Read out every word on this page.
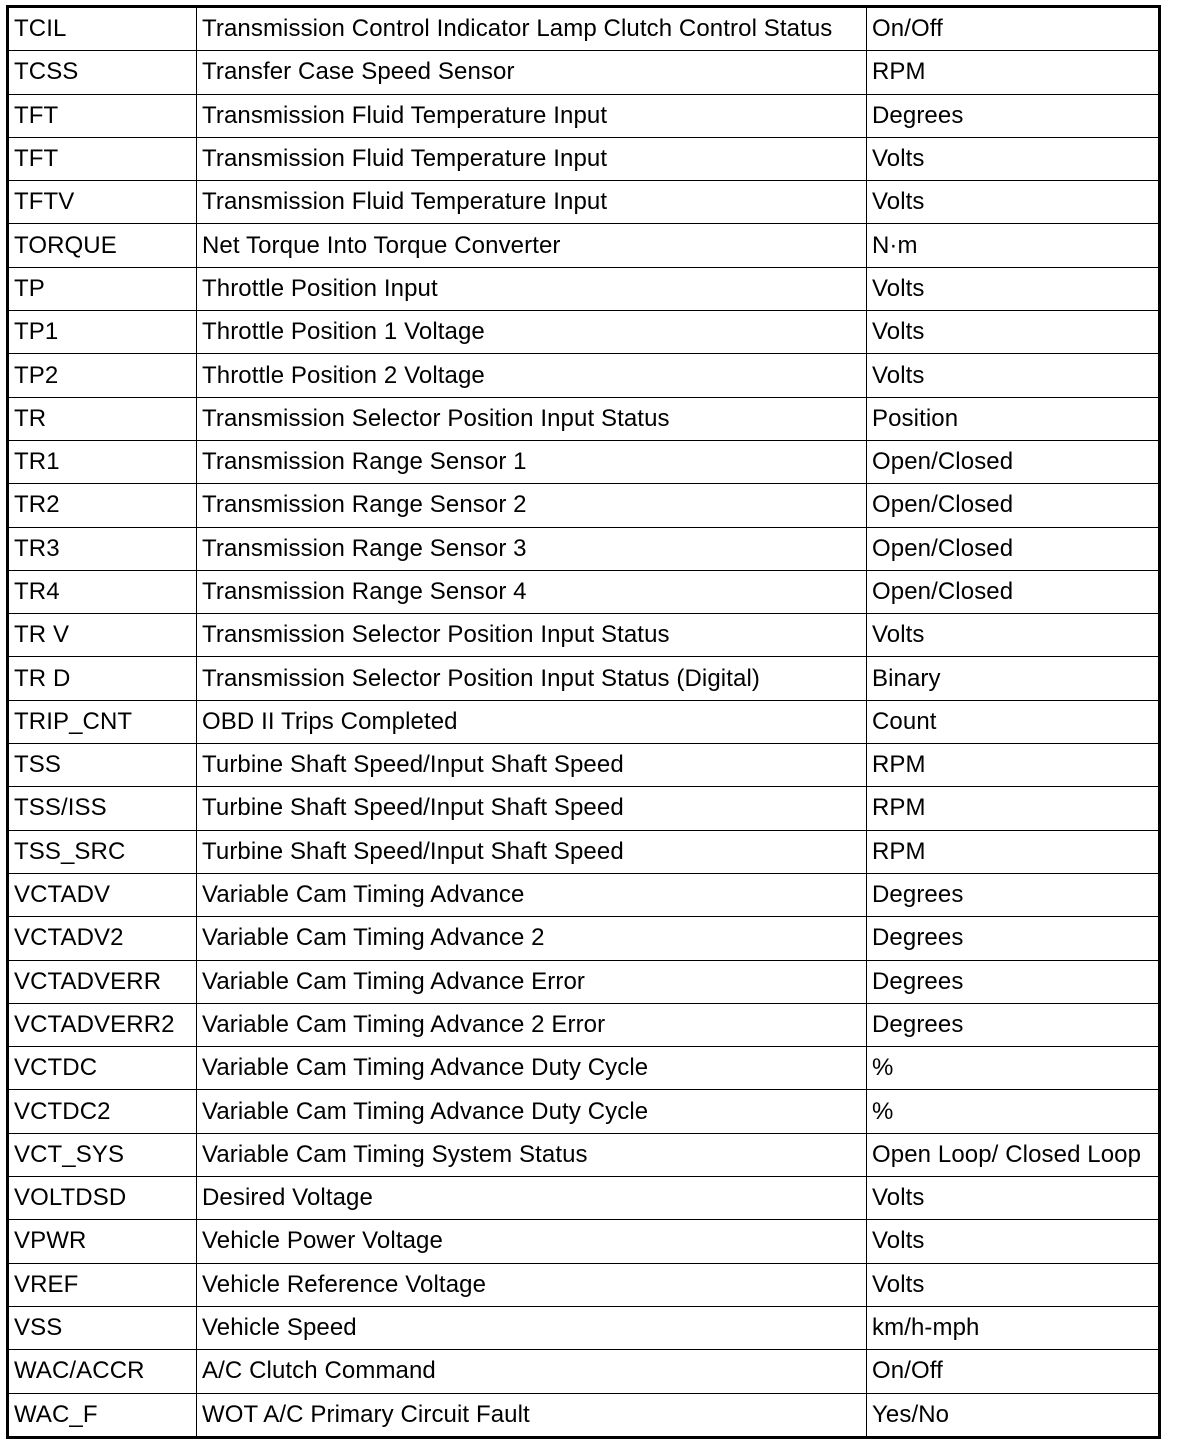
TCIL	Transmission Control Indicator Lamp Clutch Control Status	On/Off
TCSS	Transfer Case Speed Sensor	RPM
TFT	Transmission Fluid Temperature Input	Degrees
TFT	Transmission Fluid Temperature Input	Volts
TFTV	Transmission Fluid Temperature Input	Volts
TORQUE	Net Torque Into Torque Converter	N·m
TP	Throttle Position Input	Volts
TP1	Throttle Position 1 Voltage	Volts
TP2	Throttle Position 2 Voltage	Volts
TR	Transmission Selector Position Input Status	Position
TR1	Transmission Range Sensor 1	Open/Closed
TR2	Transmission Range Sensor 2	Open/Closed
TR3	Transmission Range Sensor 3	Open/Closed
TR4	Transmission Range Sensor 4	Open/Closed
TR V	Transmission Selector Position Input Status	Volts
TR D	Transmission Selector Position Input Status (Digital)	Binary
TRIP_CNT	OBD II Trips Completed	Count
TSS	Turbine Shaft Speed/Input Shaft Speed	RPM
TSS/ISS	Turbine Shaft Speed/Input Shaft Speed	RPM
TSS_SRC	Turbine Shaft Speed/Input Shaft Speed	RPM
VCTADV	Variable Cam Timing Advance	Degrees
VCTADV2	Variable Cam Timing Advance 2	Degrees
VCTADVERR	Variable Cam Timing Advance Error	Degrees
VCTADVERR2	Variable Cam Timing Advance 2 Error	Degrees
VCTDC	Variable Cam Timing Advance Duty Cycle	%
VCTDC2	Variable Cam Timing Advance Duty Cycle	%
VCT_SYS	Variable Cam Timing System Status	Open Loop/ Closed Loop
VOLTDSD	Desired Voltage	Volts
VPWR	Vehicle Power Voltage	Volts
VREF	Vehicle Reference Voltage	Volts
VSS	Vehicle Speed	km/h-mph
WAC/ACCR	A/C Clutch Command	On/Off
WAC_F	WOT A/C Primary Circuit Fault	Yes/No
